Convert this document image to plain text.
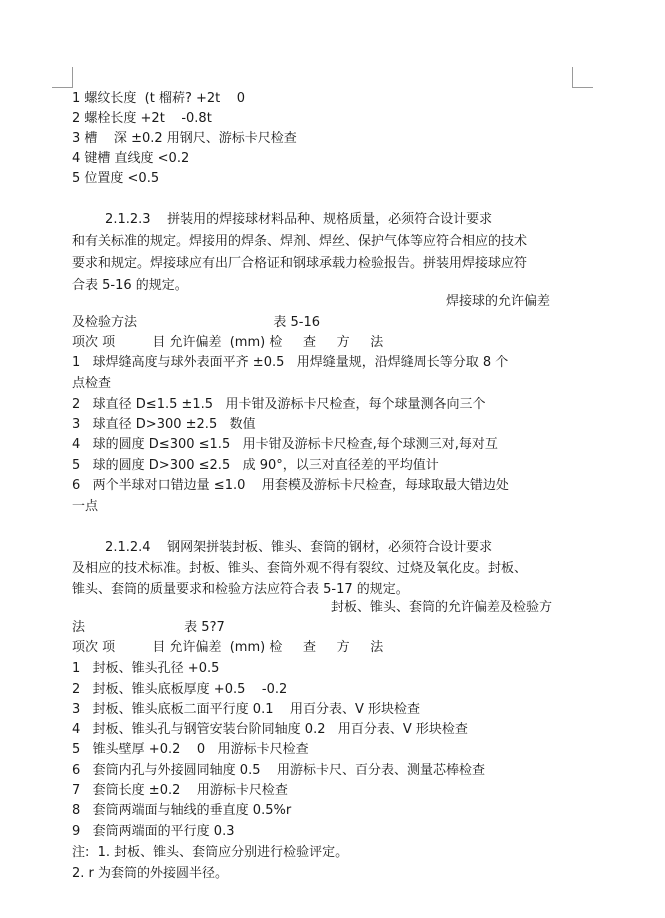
1 螺纹长度  (t 榴菥? +2t    0
2 螺栓长度 +2t    -0.8t
3 槽    深 ±0.2 用钢尺、游标卡尺检查
4 键槽 直线度 <0.2
5 位置度 <0.5
2.1.2.3    拼装用的焊接球材料品种、规格质量，必须符合设计要求
和有关标准的规定。焊接用的焊条、焊剂、焊丝、保护气体等应符合相应的技术
要求和规定。焊接球应有出厂合格证和钢球承载力检验报告。拼装用焊接球应符
合表 5-16 的规定。
焊接球的允许偏差
及检验方法                                 表 5-16
项次 项         目 允许偏差  (mm) 检     查     方     法
1   球焊缝高度与球外表面平齐 ±0.5   用焊缝量规，沿焊缝周长等分取 8 个
点检查
2   球直径 D≤1.5 ±1.5   用卡钳及游标卡尺检查，每个球量测各向三个
3   球直径 D>300 ±2.5   数值
4   球的圆度 D≤300 ≤1.5   用卡钳及游标卡尺检查,每个球测三对,每对互
5   球的圆度 D>300 ≤2.5   成 90°，以三对直径差的平均值计
6   两个半球对口错边量 ≤1.0    用套模及游标卡尺检查，每球取最大错边处
一点
2.1.2.4    钢网架拼装封板、锥头、套筒的钢材，必须符合设计要求
及相应的技术标准。封板、锥头、套筒外观不得有裂纹、过烧及氧化皮。封板、
锥头、套筒的质量要求和检验方法应符合表 5-17 的规定。
封板、锥头、套筒的允许偏差及检验方
法                        表 5?7
项次 项         目 允许偏差  (mm) 检     查     方     法
1   封板、锥头孔径 +0.5
2   封板、锥头底板厚度 +0.5    -0.2
3   封板、锥头底板二面平行度 0.1    用百分表、V 形块检查
4   封板、锥头孔与钢管安装台阶同轴度 0.2   用百分表、V 形块检查
5   锥头壁厚 +0.2    0   用游标卡尺检查
6   套筒内孔与外接圆同轴度 0.5    用游标卡尺、百分表、测量芯棒检查
7   套筒长度 ±0.2    用游标卡尺检查
8   套筒两端面与轴线的垂直度 0.5%r
9   套筒两端面的平行度 0.3
注:  1. 封板、锥头、套筒应分别进行检验评定。
2. r 为套筒的外接圆半径。
